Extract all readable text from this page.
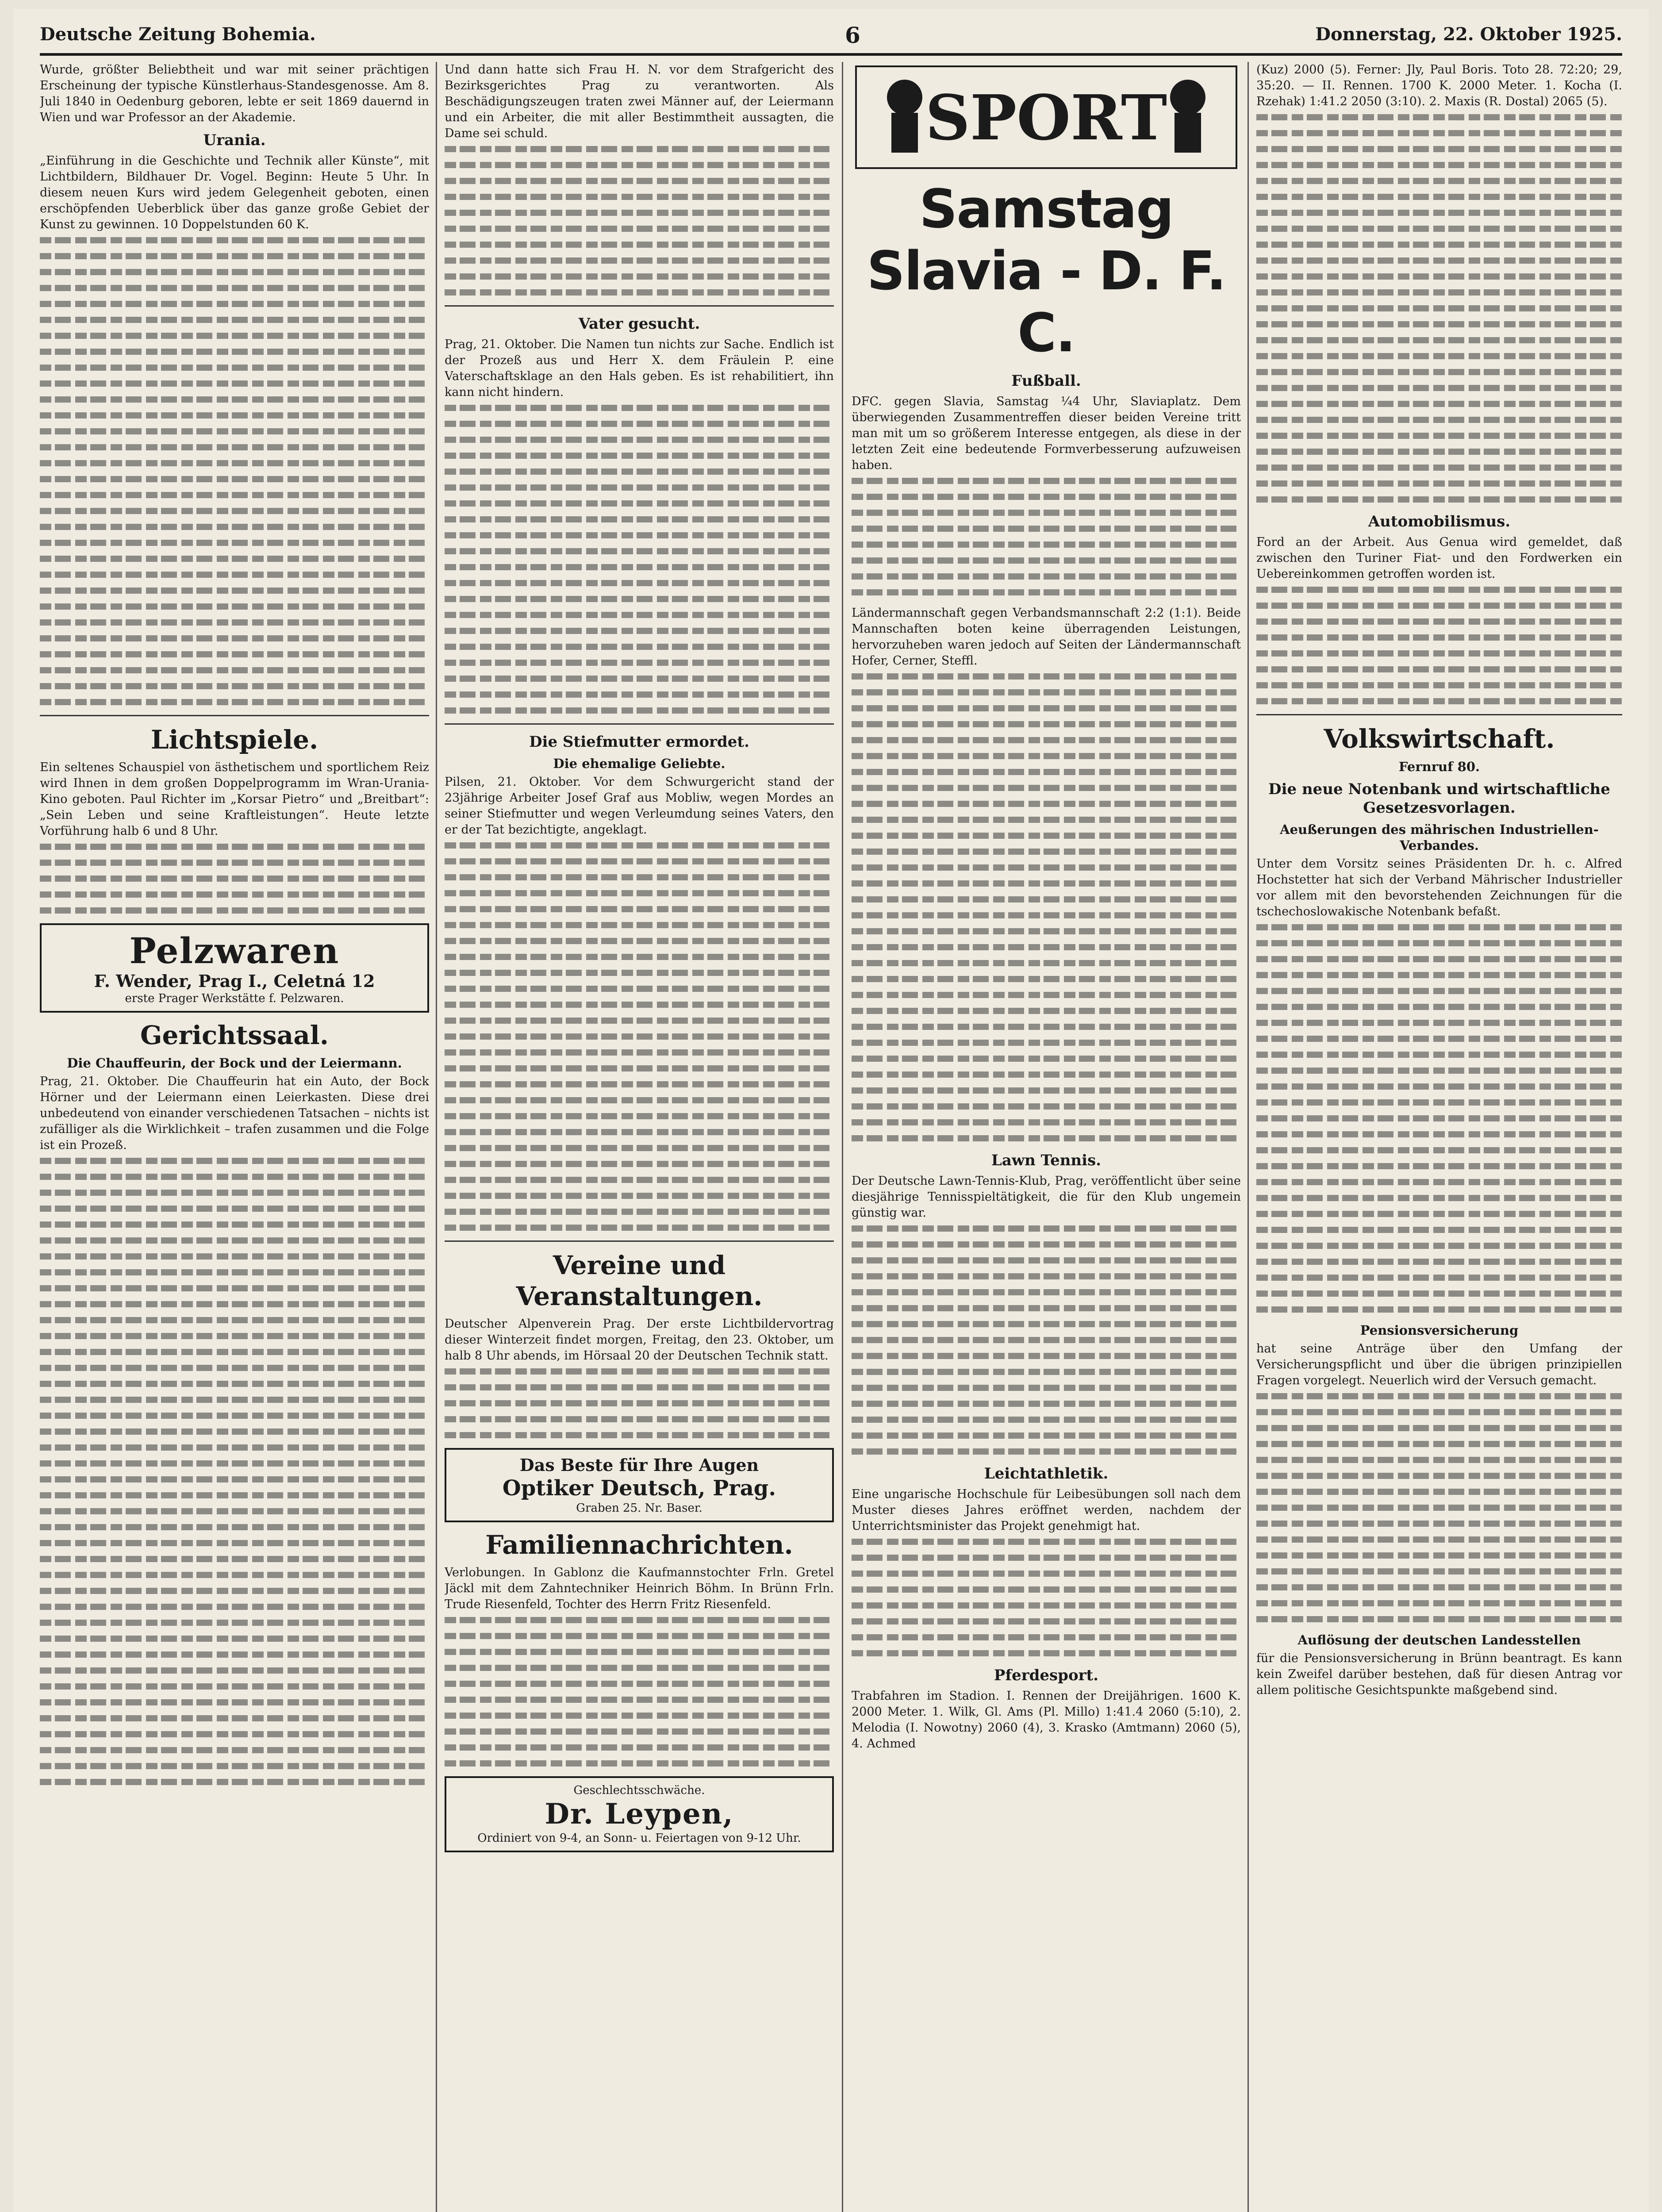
Deutsche Zeitung Bohemia.	6	Donnerstag, 22. Oktober 1925.

Wurde, größter Beliebtheit und war mit seiner prächtigen Erscheinung der typische Künstlerhaus-Standesgenosse. Am 8. Juli 1840 in Oedenburg geboren, lebte er seit 1869 dauernd in Wien und war Professor an der Akademie.

Urania.

„Einführung in die Geschichte und Technik aller Künste“, mit Lichtbildern, Bildhauer Dr. Vogel. Beginn: Heute 5 Uhr. In diesem neuen Kurs wird jedem Gelegenheit geboten, einen erschöpfenden Ueberblick über das ganze große Gebiet der Kunst zu gewinnen. 10 Doppelstunden 60 K.

Lichtspiele.

Ein seltenes Schauspiel von ästhetischem und sportlichem Reiz wird Ihnen in dem großen Doppelprogramm im Wran-Urania-Kino geboten. Paul Richter im „Korsar Pietro“ und „Breitbart“: „Sein Leben und seine Kraftleistungen“. Heute letzte Vorführung halb 6 und 8 Uhr.

Pelzwaren
F. Wender, Prag I., Celetná 12
erste Prager Werkstätte f. Pelzwaren.
Gerichtssaal.
Die Chauffeurin, der Bock und der Leiermann.

Prag, 21. Oktober. Die Chauffeurin hat ein Auto, der Bock Hörner und der Leiermann einen Leierkasten. Diese drei unbedeutend von einander verschiedenen Tatsachen – nichts ist zufälliger als die Wirklichkeit – trafen zusammen und die Folge ist ein Prozeß.

Und dann hatte sich Frau H. N. vor dem Strafgericht des Bezirksgerichtes Prag zu verantworten. Als Beschädigungszeugen traten zwei Männer auf, der Leiermann und ein Arbeiter, die mit aller Bestimmtheit aussagten, die Dame sei schuld.

Vater gesucht.

Prag, 21. Oktober. Die Namen tun nichts zur Sache. Endlich ist der Prozeß aus und Herr X. dem Fräulein P. eine Vaterschaftsklage an den Hals geben. Es ist rehabilitiert, ihn kann nicht hindern.

Die Stiefmutter ermordet.
Die ehemalige Geliebte.

Pilsen, 21. Oktober. Vor dem Schwurgericht stand der 23jährige Arbeiter Josef Graf aus Mobliw, wegen Mordes an seiner Stiefmutter und wegen Verleumdung seines Vaters, den er der Tat bezichtigte, angeklagt.

Vereine und Veranstaltungen.

Deutscher Alpenverein Prag. Der erste Lichtbildervortrag dieser Winterzeit findet morgen, Freitag, den 23. Oktober, um halb 8 Uhr abends, im Hörsaal 20 der Deutschen Technik statt.

Das Beste für Ihre Augen
Optiker Deutsch, Prag.
Graben 25. Nr. Baser.
Familiennachrichten.

Verlobungen. In Gablonz die Kaufmannstochter Frln. Gretel Jäckl mit dem Zahntechniker Heinrich Böhm. In Brünn Frln. Trude Riesenfeld, Tochter des Herrn Fritz Riesenfeld.

Geschlechtsschwäche.
Dr. Leypen,
Ordiniert von 9-4, an Sonn- u. Feiertagen von 9-12 Uhr.
SPORT
Samstag Slavia - D. F. C.
Fußball.

DFC. gegen Slavia, Samstag ¼4 Uhr, Slaviaplatz. Dem überwiegenden Zusammentreffen dieser beiden Vereine tritt man mit um so größerem Interesse entgegen, als diese in der letzten Zeit eine bedeutende Formverbesserung aufzuweisen haben.

Ländermannschaft gegen Verbandsmannschaft 2:2 (1:1). Beide Mannschaften boten keine überragenden Leistungen, hervorzuheben waren jedoch auf Seiten der Ländermannschaft Hofer, Cerner, Steffl.

Lawn Tennis.

Der Deutsche Lawn-Tennis-Klub, Prag, veröffentlicht über seine diesjährige Tennisspieltätigkeit, die für den Klub ungemein günstig war.

Leichtathletik.

Eine ungarische Hochschule für Leibesübungen soll nach dem Muster dieses Jahres eröffnet werden, nachdem der Unterrichtsminister das Projekt genehmigt hat.

Pferdesport.

Trabfahren im Stadion. I. Rennen der Dreijährigen. 1600 K. 2000 Meter. 1. Wilk, Gl. Ams (Pl. Millo) 1:41.4 2060 (5:10), 2. Melodia (I. Nowotny) 2060 (4), 3. Krasko (Amtmann) 2060 (5), 4. Achmed

(Kuz) 2000 (5). Ferner: Jly, Paul Boris. Toto 28. 72:20; 29, 35:20. — II. Rennen. 1700 K. 2000 Meter. 1. Kocha (I. Rzehak) 1:41.2 2050 (3:10). 2. Maxis (R. Dostal) 2065 (5).

Automobilismus.

Ford an der Arbeit. Aus Genua wird gemeldet, daß zwischen den Turiner Fiat- und den Fordwerken ein Uebereinkommen getroffen worden ist.

Volkswirtschaft.
Fernruf 80.
Die neue Notenbank und wirtschaftliche Gesetzesvorlagen.
Aeußerungen des mährischen Industriellen-Verbandes.

Unter dem Vorsitz seines Präsidenten Dr. h. c. Alfred Hochstetter hat sich der Verband Mährischer Industrieller vor allem mit den bevorstehenden Zeichnungen für die tschechoslowakische Notenbank befaßt.

Pensionsversicherung

hat seine Anträge über den Umfang der Versicherungspflicht und über die übrigen prinzipiellen Fragen vorgelegt. Neuerlich wird der Versuch gemacht.

Auflösung der deutschen Landesstellen

für die Pensionsversicherung in Brünn beantragt. Es kann kein Zweifel darüber bestehen, daß für diesen Antrag vor allem politische Gesichtspunkte maßgebend sind.
